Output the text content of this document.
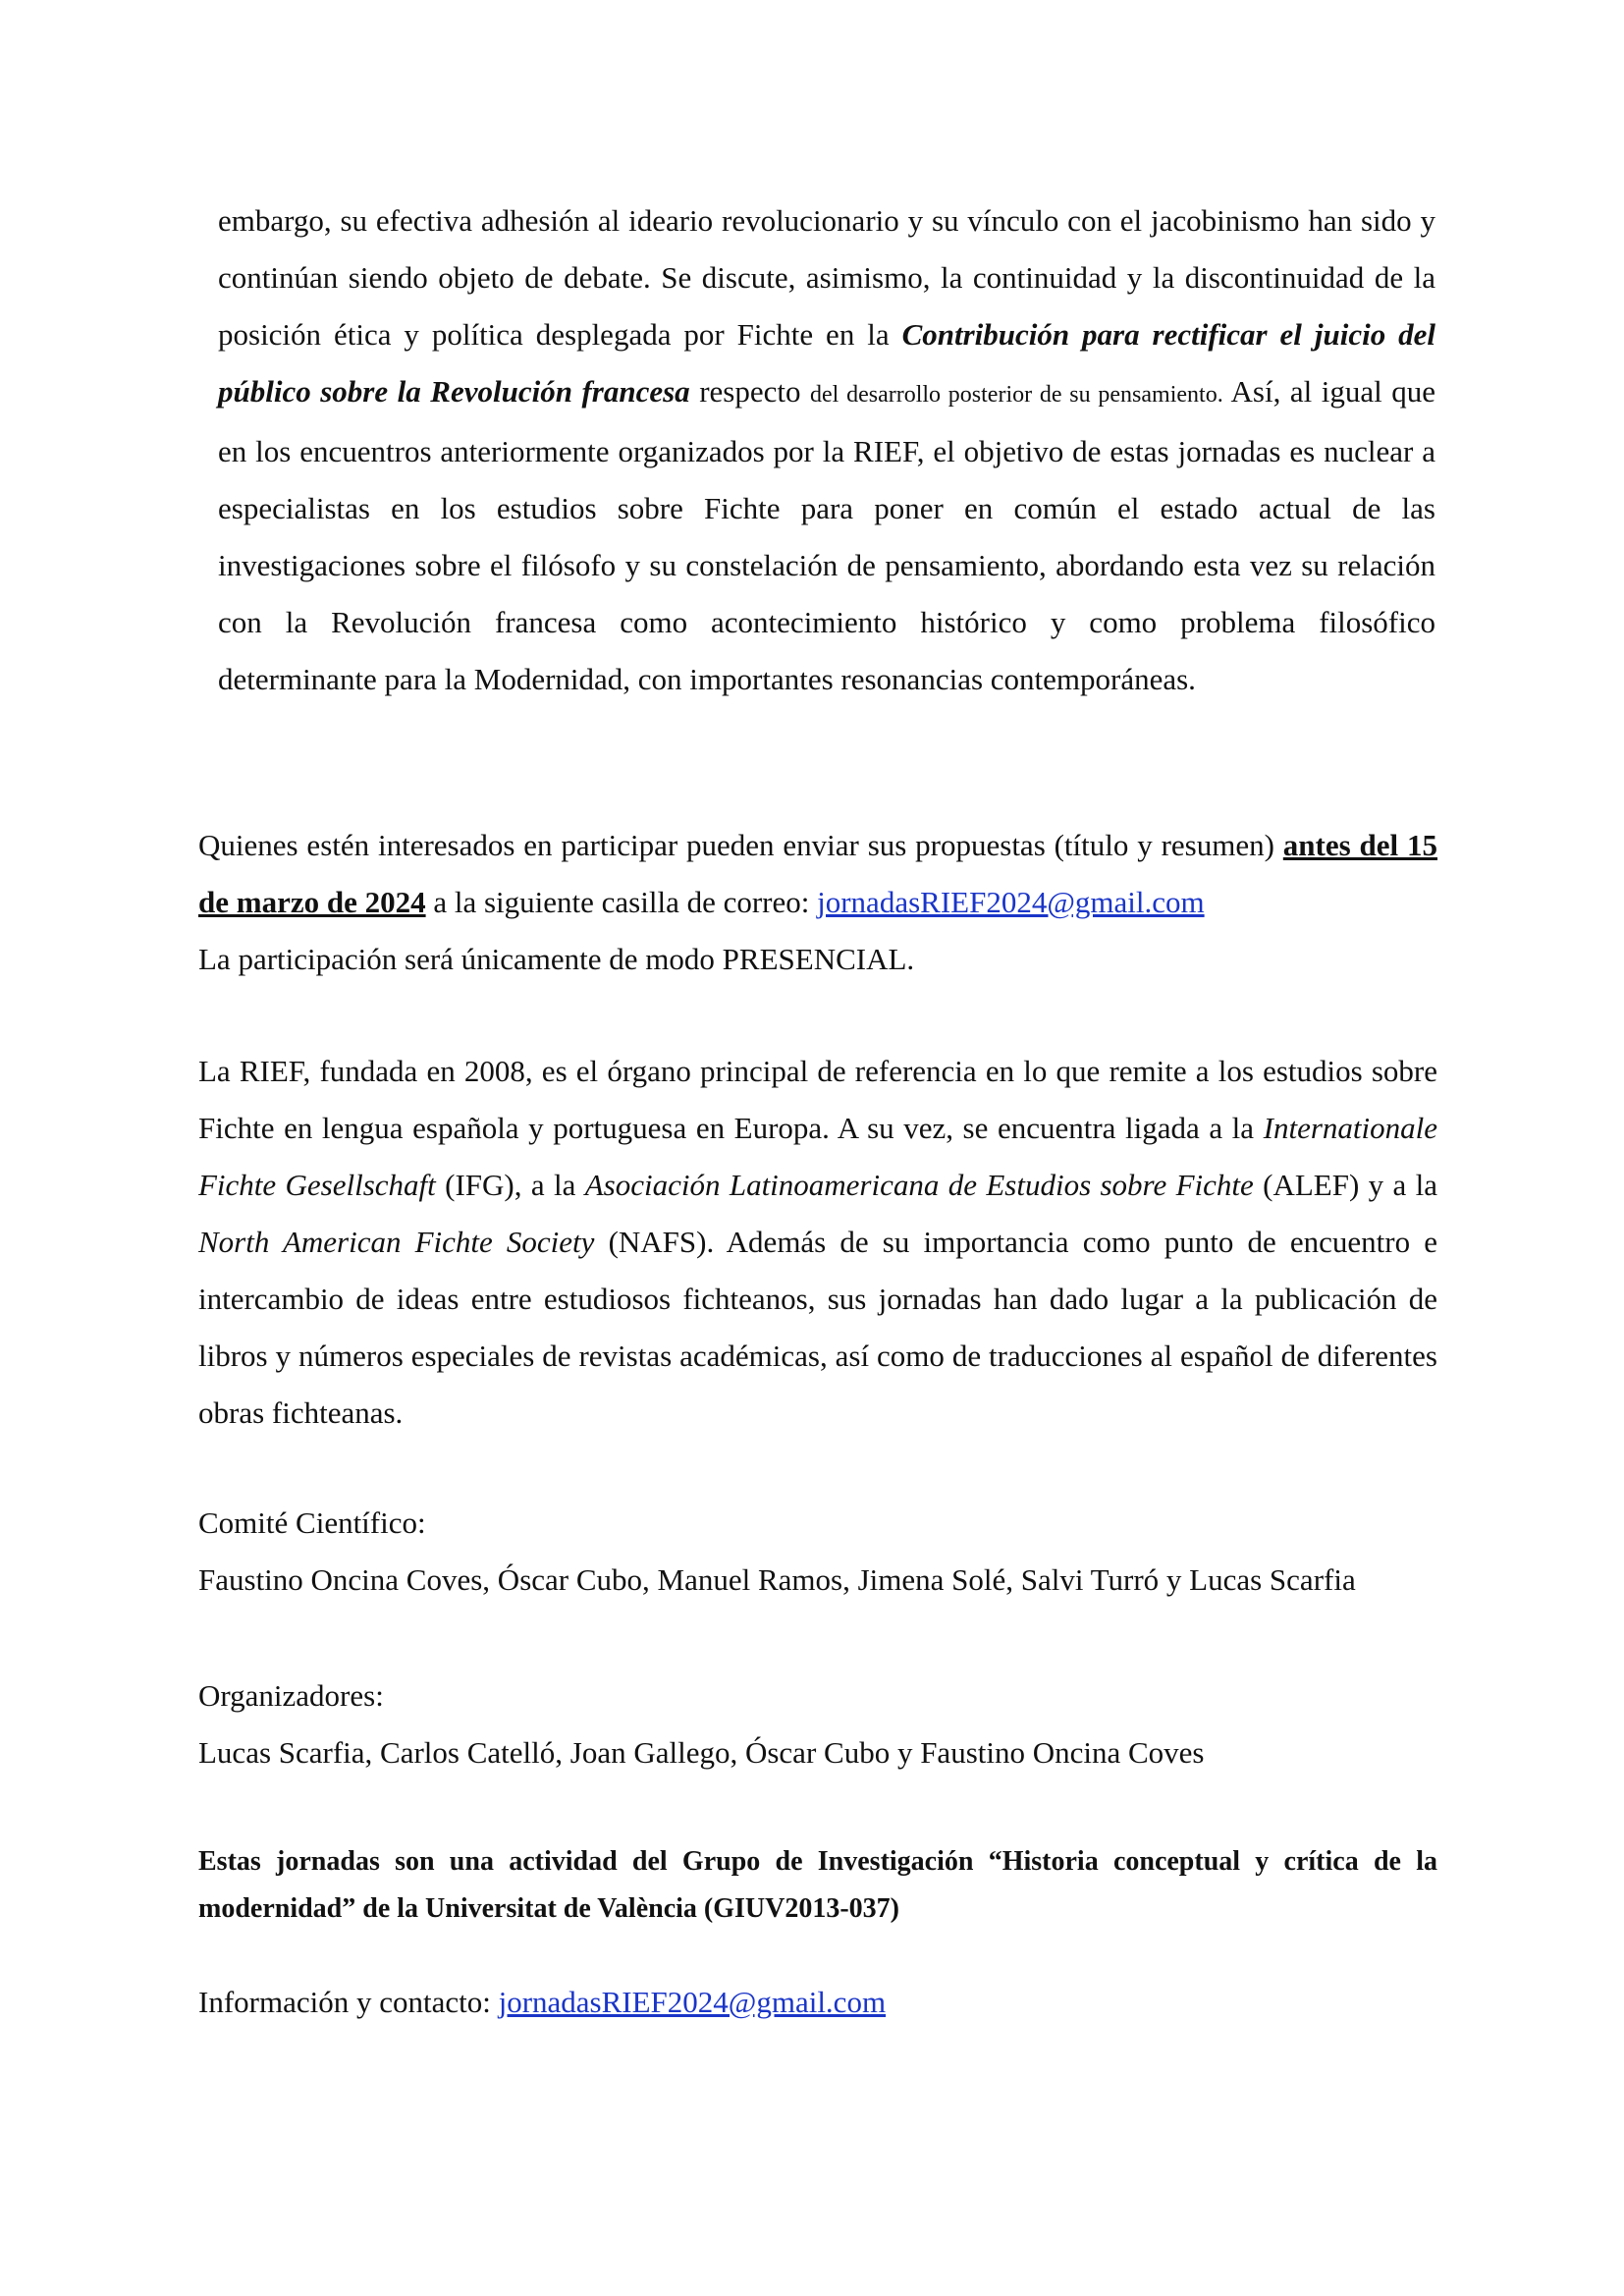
embargo, su efectiva adhesión al ideario revolucionario y su vínculo con el jacobinismo han sido y continúan siendo objeto de debate. Se discute, asimismo, la continuidad y la discontinuidad de la posición ética y política desplegada por Fichte en la Contribución para rectificar el juicio del público sobre la Revolución francesa respecto del desarrollo posterior de su pensamiento. Así, al igual que en los encuentros anteriormente organizados por la RIEF, el objetivo de estas jornadas es nuclear a especialistas en los estudios sobre Fichte para poner en común el estado actual de las investigaciones sobre el filósofo y su constelación de pensamiento, abordando esta vez su relación con la Revolución francesa como acontecimiento histórico y como problema filosófico determinante para la Modernidad, con importantes resonancias contemporáneas.

Quienes estén interesados en participar pueden enviar sus propuestas (título y resumen) antes del 15 de marzo de 2024 a la siguiente casilla de correo: jornadasRIEF2024@gmail.com
La participación será únicamente de modo PRESENCIAL.

La RIEF, fundada en 2008, es el órgano principal de referencia en lo que remite a los estudios sobre Fichte en lengua española y portuguesa en Europa. A su vez, se encuentra ligada a la Internationale Fichte Gesellschaft (IFG), a la Asociación Latinoamericana de Estudios sobre Fichte (ALEF) y a la North American Fichte Society (NAFS). Además de su importancia como punto de encuentro e intercambio de ideas entre estudiosos fichteanos, sus jornadas han dado lugar a la publicación de libros y números especiales de revistas académicas, así como de traducciones al español de diferentes obras fichteanas.

Comité Científico:
Faustino Oncina Coves, Óscar Cubo, Manuel Ramos, Jimena Solé, Salvi Turró y Lucas Scarfia
Organizadores:
Lucas Scarfia, Carlos Catelló, Joan Gallego, Óscar Cubo y Faustino Oncina Coves

Estas jornadas son una actividad del Grupo de Investigación “Historia conceptual y crítica de la modernidad” de la Universitat de València (GIUV2013-037)

Información y contacto: jornadasRIEF2024@gmail.com
